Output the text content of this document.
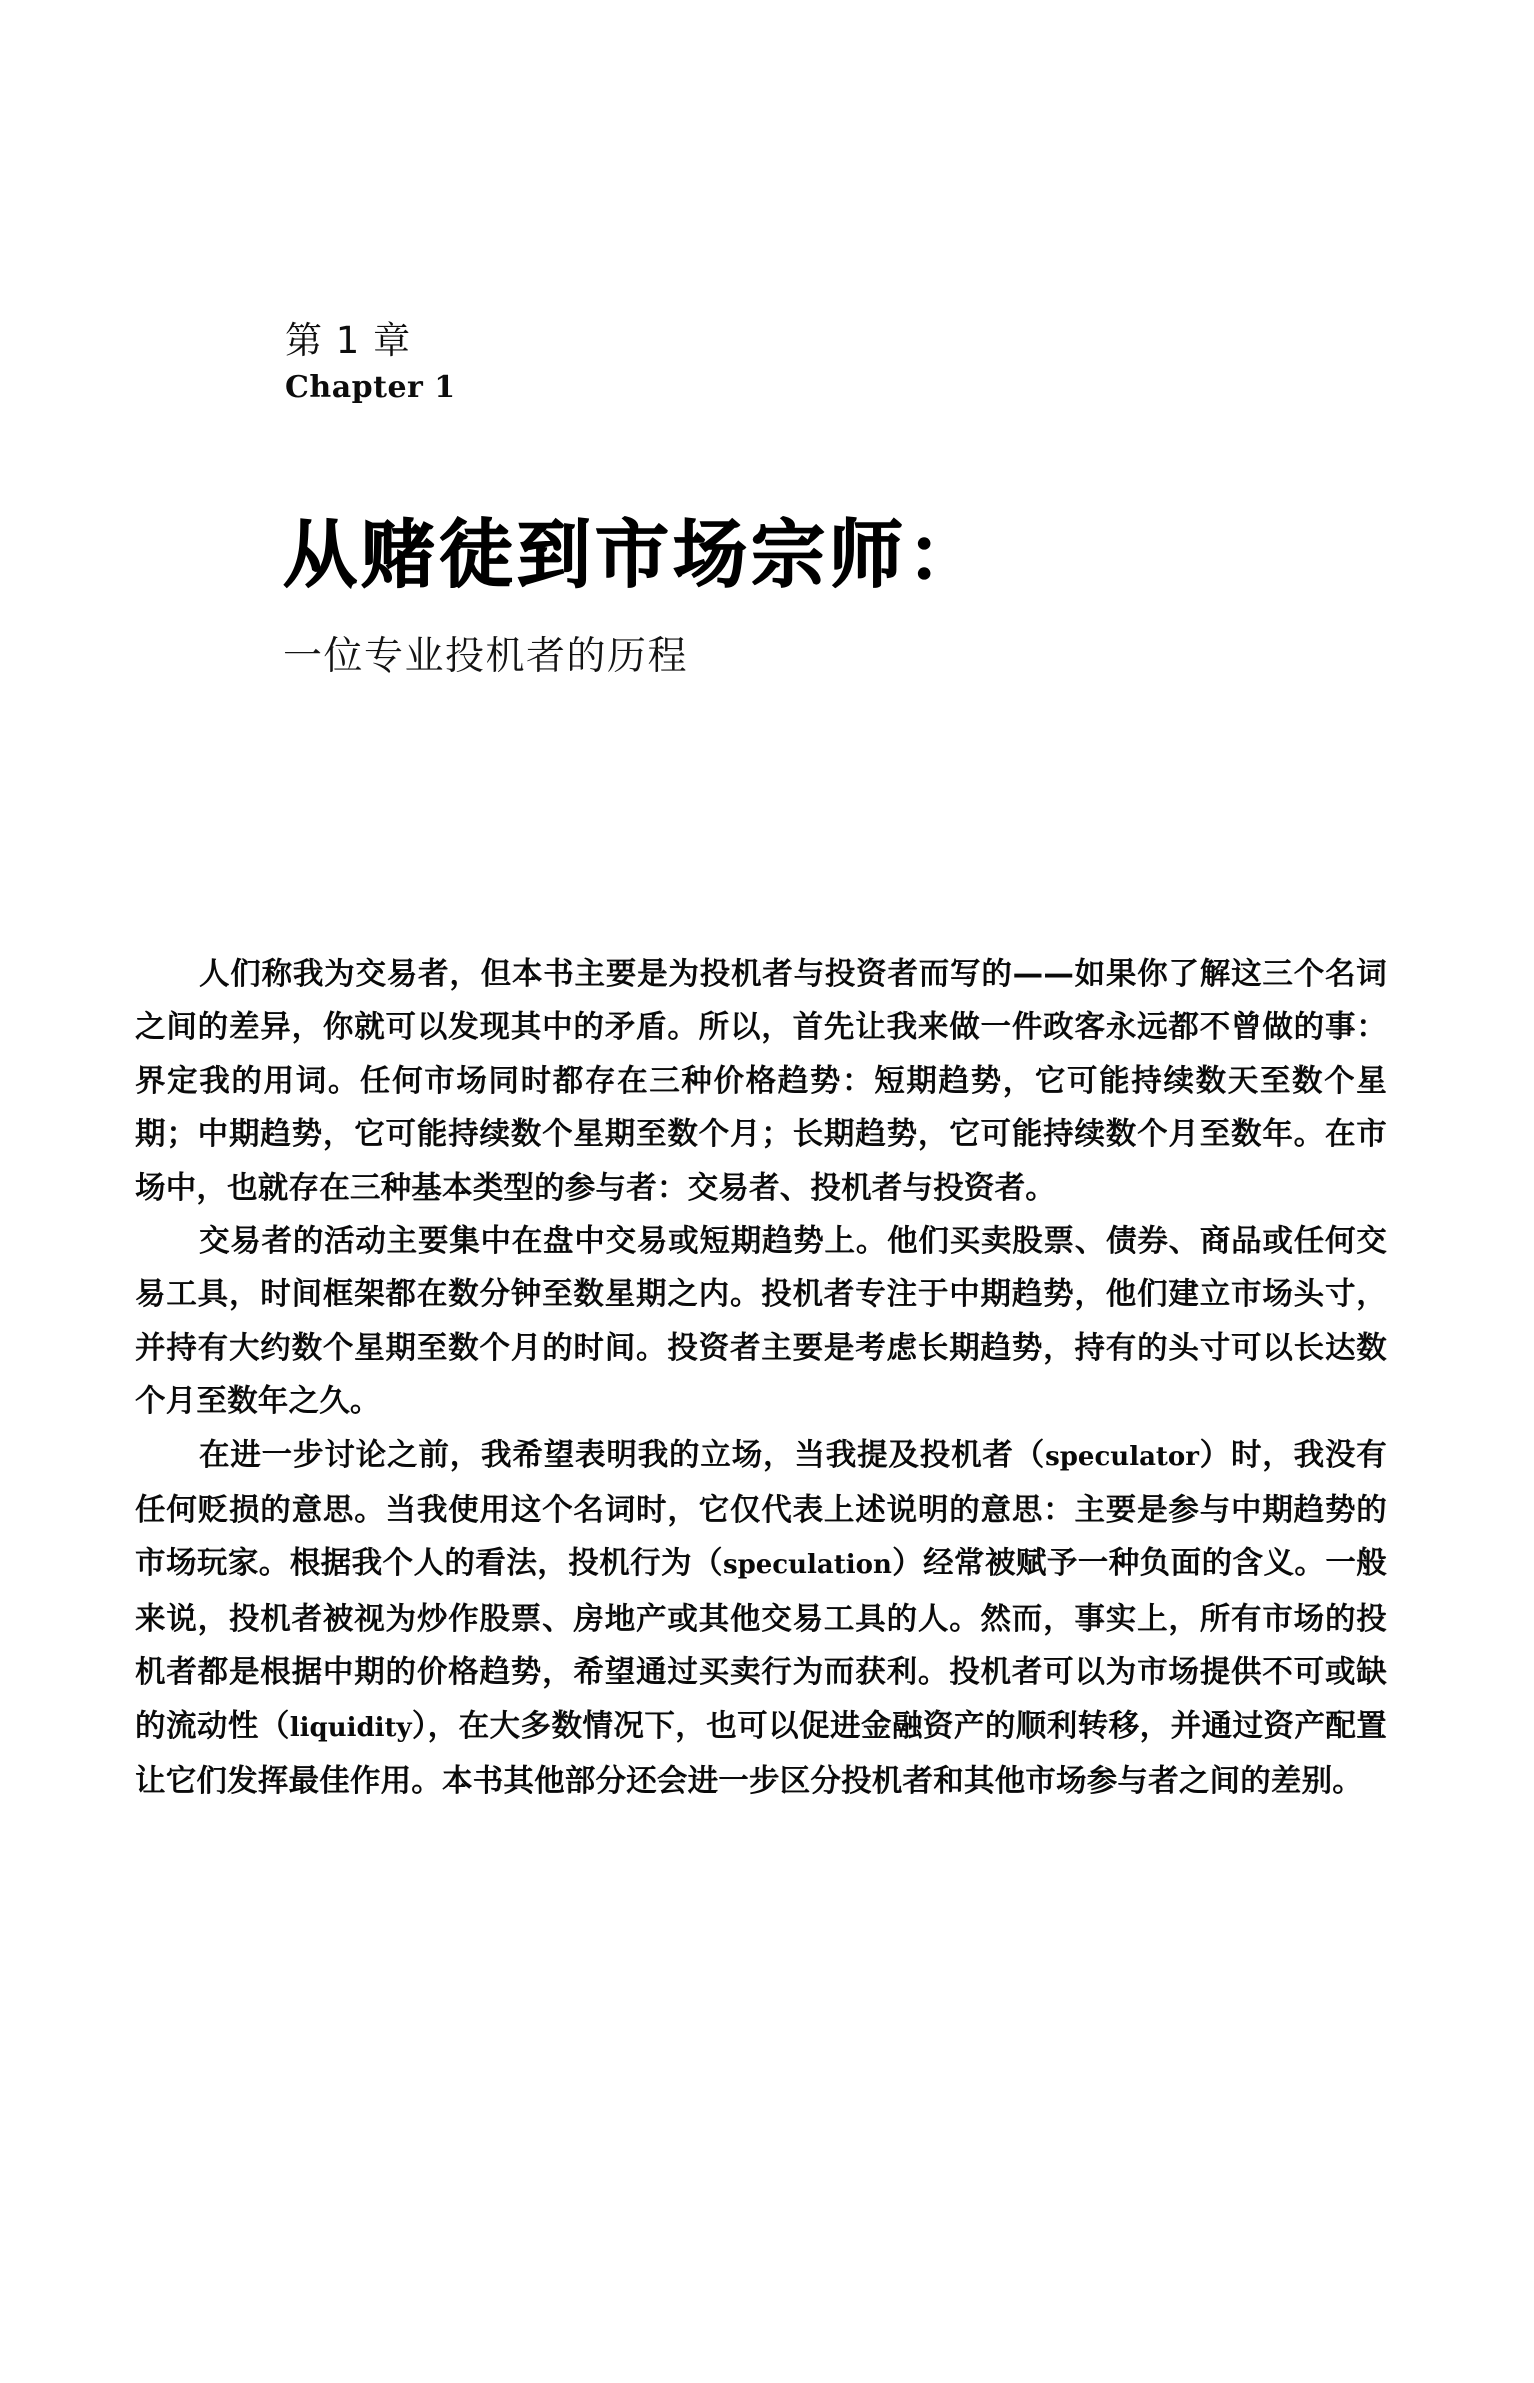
第 1 章
Chapter 1
从赌徒到市场宗师：
一位专业投机者的历程

人们称我为交易者，但本书主要是为投机者与投资者而写的——如果你了解这三个名词之间的差异，你就可以发现其中的矛盾。所以，首先让我来做一件政客永远都不曾做的事：界定我的用词。任何市场同时都存在三种价格趋势：短期趋势，它可能持续数天至数个星期；中期趋势，它可能持续数个星期至数个月；长期趋势，它可能持续数个月至数年。在市场中，也就存在三种基本类型的参与者：交易者、投机者与投资者。

交易者的活动主要集中在盘中交易或短期趋势上。他们买卖股票、债券、商品或任何交易工具，时间框架都在数分钟至数星期之内。投机者专注于中期趋势，他们建立市场头寸，并持有大约数个星期至数个月的时间。投资者主要是考虑长期趋势，持有的头寸可以长达数个月至数年之久。

在进一步讨论之前，我希望表明我的立场，当我提及投机者（speculator）时，我没有任何贬损的意思。当我使用这个名词时，它仅代表上述说明的意思：主要是参与中期趋势的市场玩家。根据我个人的看法，投机行为（speculation）经常被赋予一种负面的含义。一般来说，投机者被视为炒作股票、房地产或其他交易工具的人。然而，事实上，所有市场的投机者都是根据中期的价格趋势，希望通过买卖行为而获利。投机者可以为市场提供不可或缺的流动性（liquidity），在大多数情况下，也可以促进金融资产的顺利转移，并通过资产配置让它们发挥最佳作用。本书其他部分还会进一步区分投机者和其他市场参与者之间的差别。
